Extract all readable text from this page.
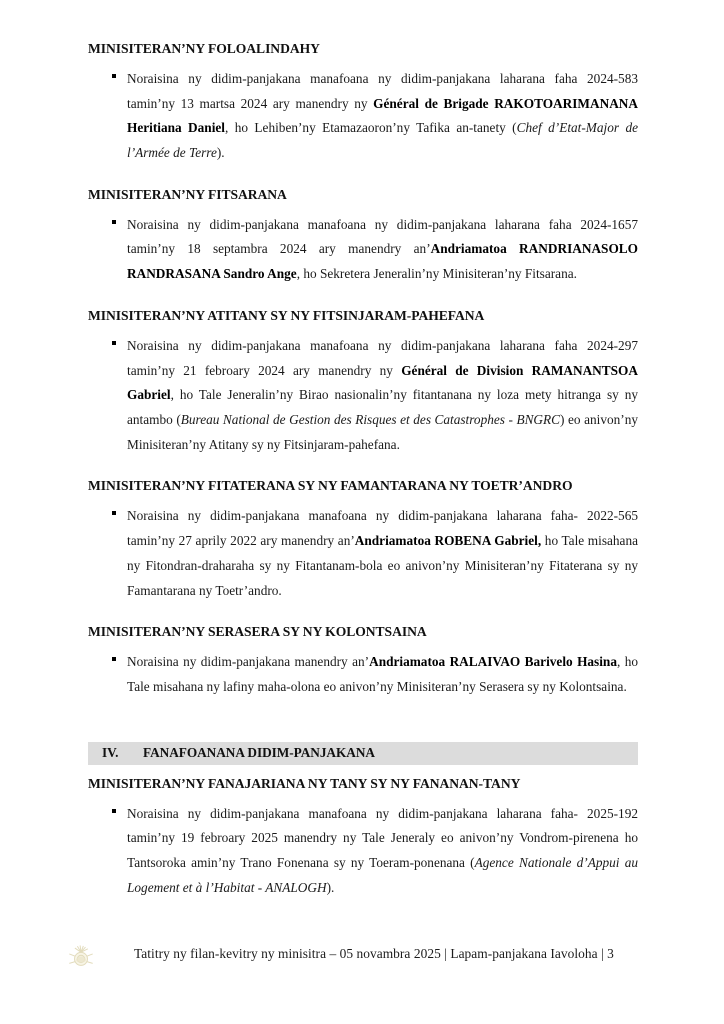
MINISITERAN’NY FOLOALINDAHY
Noraisina ny didim-panjakana manafoana ny didim-panjakana laharana faha 2024-583 tamin’ny 13 martsa 2024 ary manendry ny Général de Brigade RAKOTOARIMANANA Heritiana Daniel, ho Lehiben’ny Etamazaoron’ny Tafika an-tanety (Chef d’Etat-Major de l’Armée de Terre).
MINISITERAN’NY FITSARANA
Noraisina ny didim-panjakana manafoana ny didim-panjakana laharana faha 2024-1657 tamin’ny 18 septambra 2024 ary manendry an’Andriamatoa RANDRIANASOLO RANDRASANA Sandro Ange, ho Sekretera Jeneralin’ny Minisiteran’ny Fitsarana.
MINISITERAN’NY ATITANY SY NY FITSINJARAM-PAHEFANA
Noraisina ny didim-panjakana manafoana ny didim-panjakana laharana faha 2024-297 tamin’ny 21 febroary 2024 ary manendry ny Général de Division RAMANANTSOA Gabriel, ho Tale Jeneralin’ny Birao nasionalin’ny fitantanana ny loza mety hitranga sy ny antambo (Bureau National de Gestion des Risques et des Catastrophes - BNGRC) eo anivon’ny Minisiteran’ny Atitany sy ny Fitsinjaram-pahefana.
MINISITERAN’NY FITATERANA SY NY FAMANTARANA NY TOETR’ANDRO
Noraisina ny didim-panjakana manafoana ny didim-panjakana laharana faha- 2022-565 tamin’ny 27 aprily 2022 ary manendry an’Andriamatoa ROBENA Gabriel, ho Tale misahana ny Fitondran-draharaha sy ny Fitantanam-bola eo anivon’ny Minisiteran’ny Fitaterana sy ny Famantarana ny Toetr’andro.
MINISITERAN’NY SERASERA SY NY KOLONTSAINA
Noraisina ny didim-panjakana manendry an’Andriamatoa RALAIVAO Barivelo Hasina, ho Tale misahana ny lafiny maha-olona eo anivon’ny Minisiteran’ny Serasera sy ny Kolontsaina.
IV.	FANAFOANANA DIDIM-PANJAKANA
MINISITERAN’NY FANAJARIANA NY TANY SY NY FANANAN-TANY
Noraisina ny didim-panjakana manafoana ny didim-panjakana laharana faha- 2025-192 tamin’ny 19 febroary 2025 manendry ny Tale Jeneraly eo anivon’ny Vondrom-pirenena ho Tantsoroka amin’ny Trano Fonenana sy ny Toeram-ponenana (Agence Nationale d’Appui au Logement et à l’Habitat - ANALOGH).
Tatitry ny filan-kevitry ny minisitra – 05 novambra 2025 | Lapam-panjakana Iavoloha | 3
